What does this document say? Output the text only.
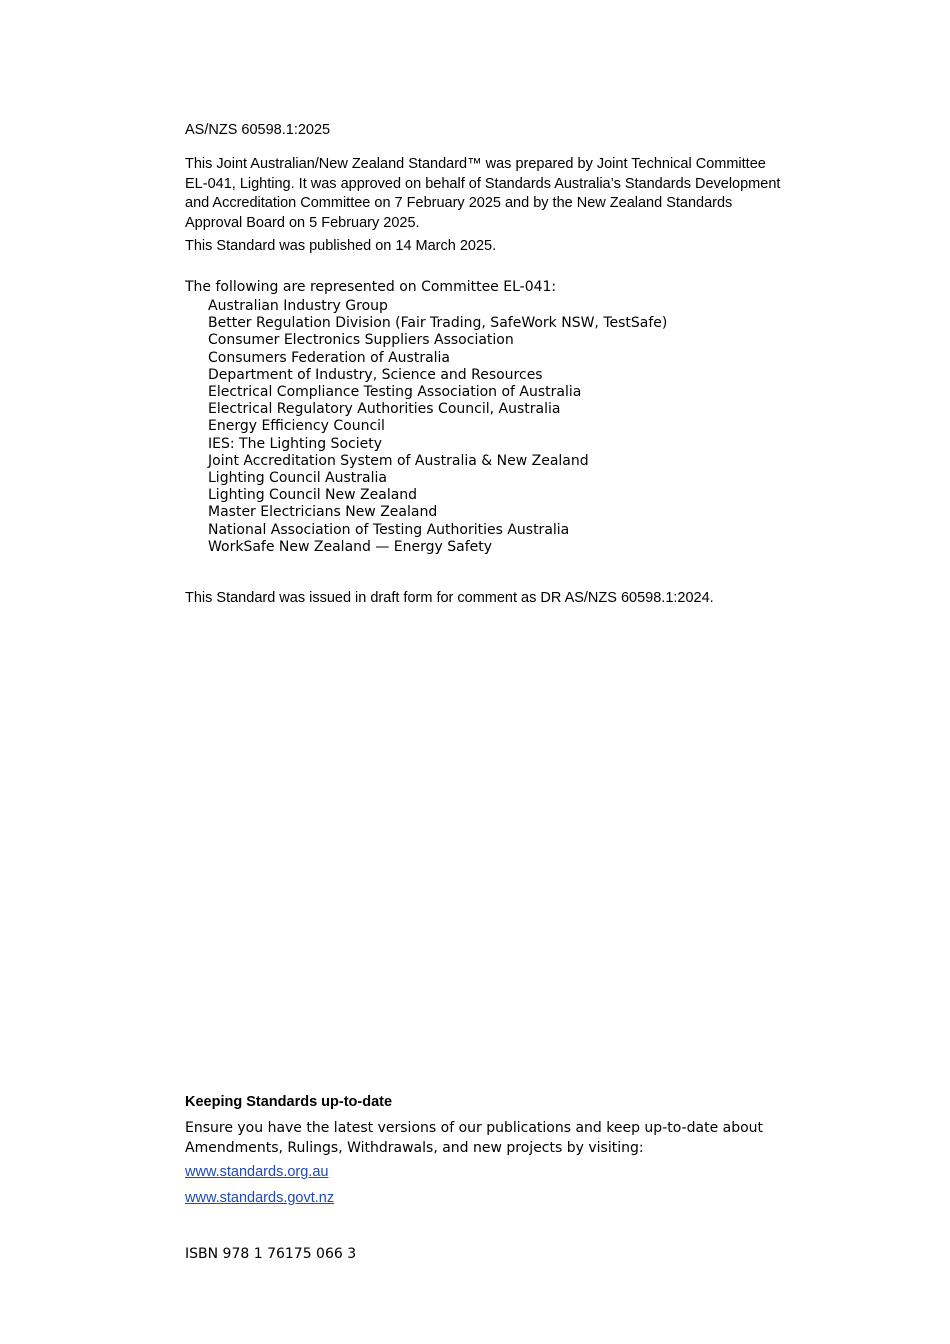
AS/NZS 60598.1:2025

This Joint Australian/New Zealand Standard™ was prepared by Joint Technical Committee EL-041, Lighting. It was approved on behalf of Standards Australia’s Standards Development and Accreditation Committee on 7 February 2025 and by the New Zealand Standards Approval Board on 5 February 2025.

This Standard was published on 14 March 2025.

The following are represented on Committee EL-041:

Australian Industry Group
Better Regulation Division (Fair Trading, SafeWork NSW, TestSafe)
Consumer Electronics Suppliers Association
Consumers Federation of Australia
Department of Industry, Science and Resources
Electrical Compliance Testing Association of Australia
Electrical Regulatory Authorities Council, Australia
Energy Efficiency Council
IES: The Lighting Society
Joint Accreditation System of Australia & New Zealand
Lighting Council Australia
Lighting Council New Zealand
Master Electricians New Zealand
National Association of Testing Authorities Australia
WorkSafe New Zealand — Energy Safety

This Standard was issued in draft form for comment as DR AS/NZS 60598.1:2024.

Keeping Standards up-to-date

Ensure you have the latest versions of our publications and keep up-to-date about Amendments, Rulings, Withdrawals, and new projects by visiting:

www.standards.org.au

www.standards.govt.nz

ISBN 978 1 76175 066 3
